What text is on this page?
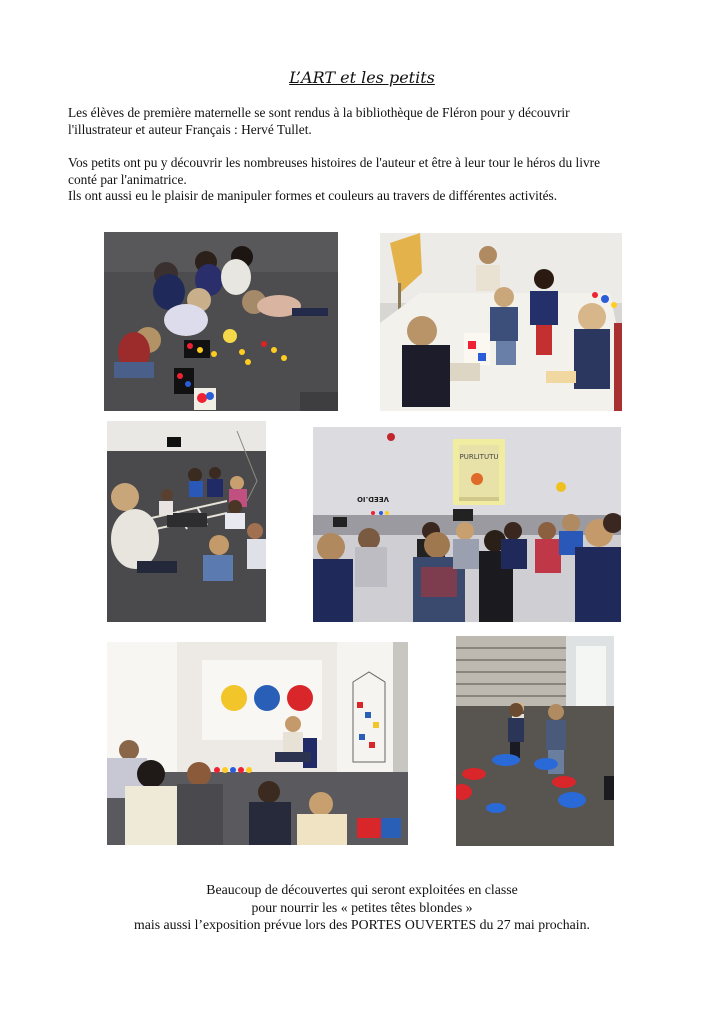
L’ART et les petits
Les élèves de première maternelle se sont rendus à la bibliothèque de Fléron pour y découvrir
l'illustrateur et auteur Français : Hervé Tullet.
Vos petits ont pu y découvrir les nombreuses histoires de l'auteur et être à leur tour le héros du livre
conté par l'animatrice.
Ils ont aussi eu le plaisir de manipuler formes et couleurs au travers de différentes activités.
PURLITUTU
VEED.IO
Beaucoup de découvertes qui seront exploitées en classe
pour nourrir les « petites têtes blondes »
mais aussi l’exposition prévue lors des PORTES OUVERTES du 27 mai prochain.
